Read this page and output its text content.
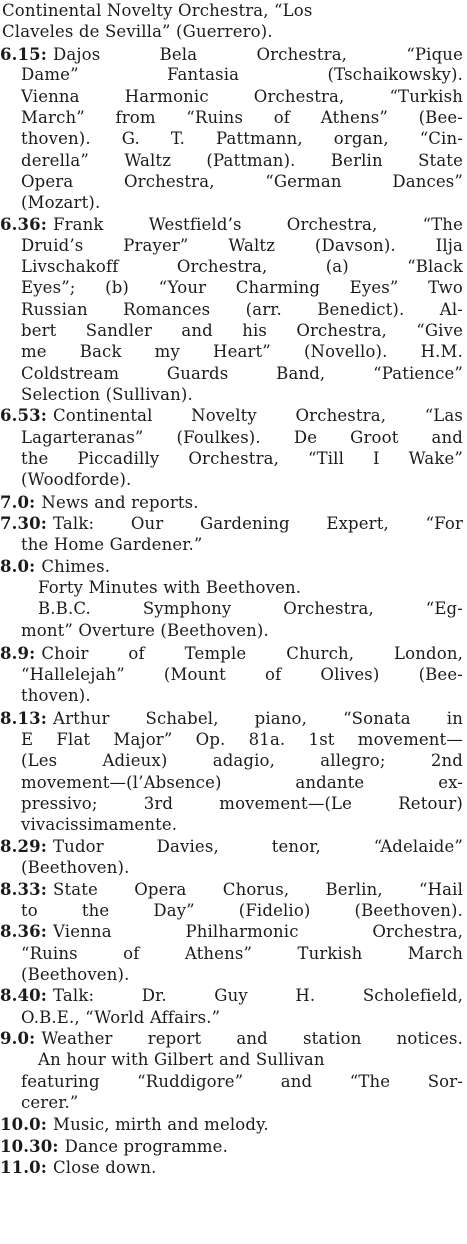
Continental Novelty Orchestra, “Los
Claveles de Sevilla” (Guerrero).
6.15: Dajos Bela Orchestra, “Pique
Dame” Fantasia (Tschaikowsky).
Vienna Harmonic Orchestra, “Turkish
March” from “Ruins of Athens” (Bee-
thoven). G. T. Pattmann, organ, “Cin-
derella” Waltz (Pattman). Berlin State
Opera Orchestra, “German Dances”
(Mozart).
6.36: Frank Westfield’s Orchestra, “The
Druid’s Prayer” Waltz (Davson). Ilja
Livschakoff Orchestra, (a) “Black
Eyes”; (b) “Your Charming Eyes” Two
Russian Romances (arr. Benedict). Al-
bert Sandler and his Orchestra, “Give
me Back my Heart” (Novello). H.M.
Coldstream Guards Band, “Patience”
Selection (Sullivan).
6.53: Continental Novelty Orchestra, “Las
Lagarteranas” (Foulkes). De Groot and
the Piccadilly Orchestra, “Till I Wake”
(Woodforde).
7.0: News and reports.
7.30: Talk: Our Gardening Expert, “For
the Home Gardener.”
8.0: Chimes.
Forty Minutes with Beethoven.
B.B.C. Symphony Orchestra, “Eg-
mont” Overture (Beethoven).
8.9: Choir of Temple Church, London,
“Hallelejah” (Mount of Olives) (Bee-
thoven).
8.13: Arthur Schabel, piano, “Sonata in
E Flat Major” Op. 81a. 1st movement—
(Les Adieux) adagio, allegro; 2nd
movement—(l’Absence) andante ex-
pressivo; 3rd movement—(Le Retour)
vivacissimamente.
8.29: Tudor Davies, tenor, “Adelaide”
(Beethoven).
8.33: State Opera Chorus, Berlin, “Hail
to the Day” (Fidelio) (Beethoven).
8.36: Vienna Philharmonic Orchestra,
“Ruins of Athens” Turkish March
(Beethoven).
8.40: Talk: Dr. Guy H. Scholefield,
O.B.E., “World Affairs.”
9.0: Weather report and station notices.
An hour with Gilbert and Sullivan
featuring “Ruddigore” and “The Sor-
cerer.”
10.0: Music, mirth and melody.
10.30: Dance programme.
11.0: Close down.
